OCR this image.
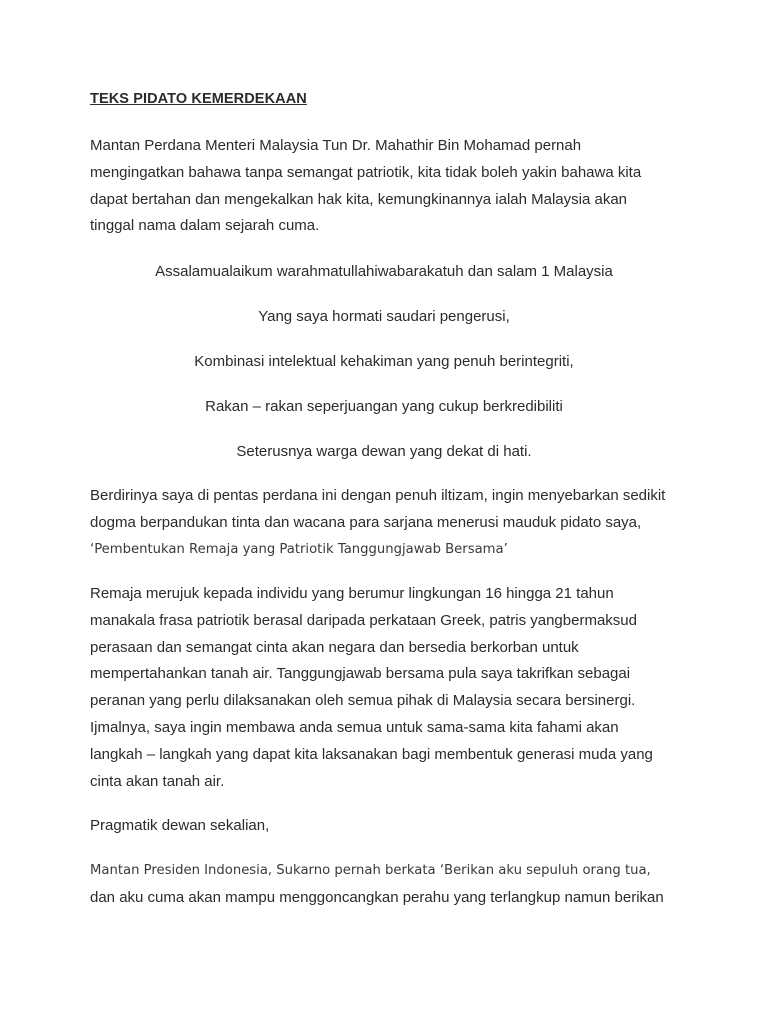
TEKS PIDATO KEMERDEKAAN

Mantan Perdana Menteri Malaysia Tun Dr. Mahathir Bin Mohamad pernah
mengingatkan bahawa tanpa semangat patriotik, kita tidak boleh yakin bahawa kita
dapat bertahan dan mengekalkan hak kita, kemungkinannya ialah Malaysia akan
tinggal nama dalam sejarah cuma.

Assalamualaikum warahmatullahiwabarakatuh dan salam 1 Malaysia

Yang saya hormati saudari pengerusi,

Kombinasi intelektual kehakiman yang penuh berintegriti,

Rakan – rakan seperjuangan yang cukup berkredibiliti

Seterusnya warga dewan yang dekat di hati.

Berdirinya saya di pentas perdana ini dengan penuh iltizam, ingin menyebarkan sedikit
dogma berpandukan tinta dan wacana para sarjana menerusi mauduk pidato saya,
‘Pembentukan Remaja yang Patriotik Tanggungjawab Bersama’

Remaja merujuk kepada individu yang berumur lingkungan 16 hingga 21 tahun
manakala frasa patriotik berasal daripada perkataan Greek, patris yangbermaksud
perasaan dan semangat cinta akan negara dan bersedia berkorban untuk
mempertahankan tanah air. Tanggungjawab bersama pula saya takrifkan sebagai
peranan yang perlu dilaksanakan oleh semua pihak di Malaysia secara bersinergi.
Ijmalnya, saya ingin membawa anda semua untuk sama-sama kita fahami akan
langkah – langkah yang dapat kita laksanakan bagi membentuk generasi muda yang
cinta akan tanah air.

Pragmatik dewan sekalian,

Mantan Presiden Indonesia, Sukarno pernah berkata ‘Berikan aku sepuluh orang tua,
dan aku cuma akan mampu menggoncangkan perahu yang terlangkup namun berikan
